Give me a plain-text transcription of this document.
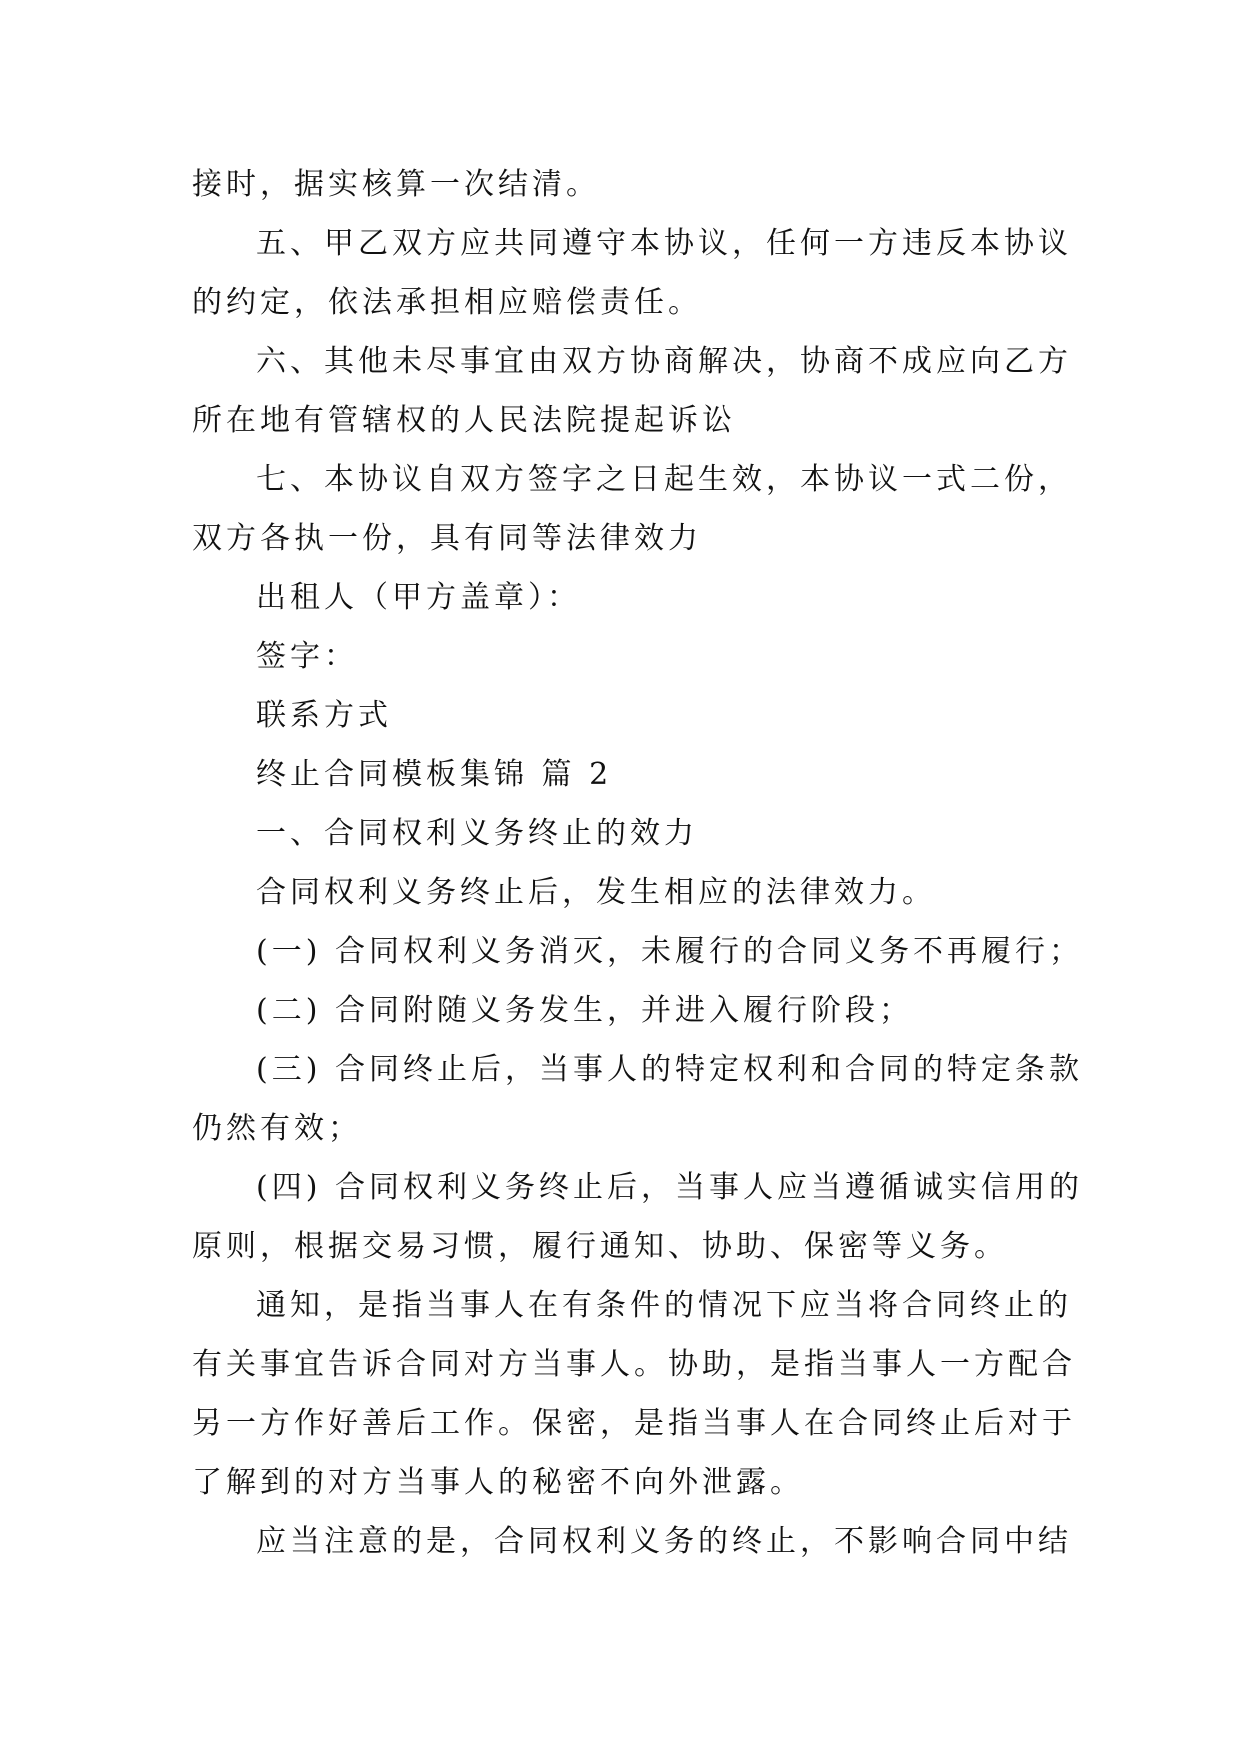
接时，据实核算一次结清。
五、甲乙双方应共同遵守本协议，任何一方违反本协议
的约定，依法承担相应赔偿责任。
六、其他未尽事宜由双方协商解决，协商不成应向乙方
所在地有管辖权的人民法院提起诉讼
七、本协议自双方签字之日起生效，本协议一式二份，
双方各执一份，具有同等法律效力
出租人（甲方盖章）：
签字：
联系方式
终止合同模板集锦 篇 2
一、合同权利义务终止的效力
合同权利义务终止后，发生相应的法律效力。
(一) 合同权利义务消灭，未履行的合同义务不再履行；
(二) 合同附随义务发生，并进入履行阶段；
(三) 合同终止后，当事人的特定权利和合同的特定条款
仍然有效；
(四) 合同权利义务终止后，当事人应当遵循诚实信用的
原则，根据交易习惯，履行通知、协助、保密等义务。
通知，是指当事人在有条件的情况下应当将合同终止的
有关事宜告诉合同对方当事人。协助，是指当事人一方配合
另一方作好善后工作。保密，是指当事人在合同终止后对于
了解到的对方当事人的秘密不向外泄露。
应当注意的是，合同权利义务的终止，不影响合同中结
